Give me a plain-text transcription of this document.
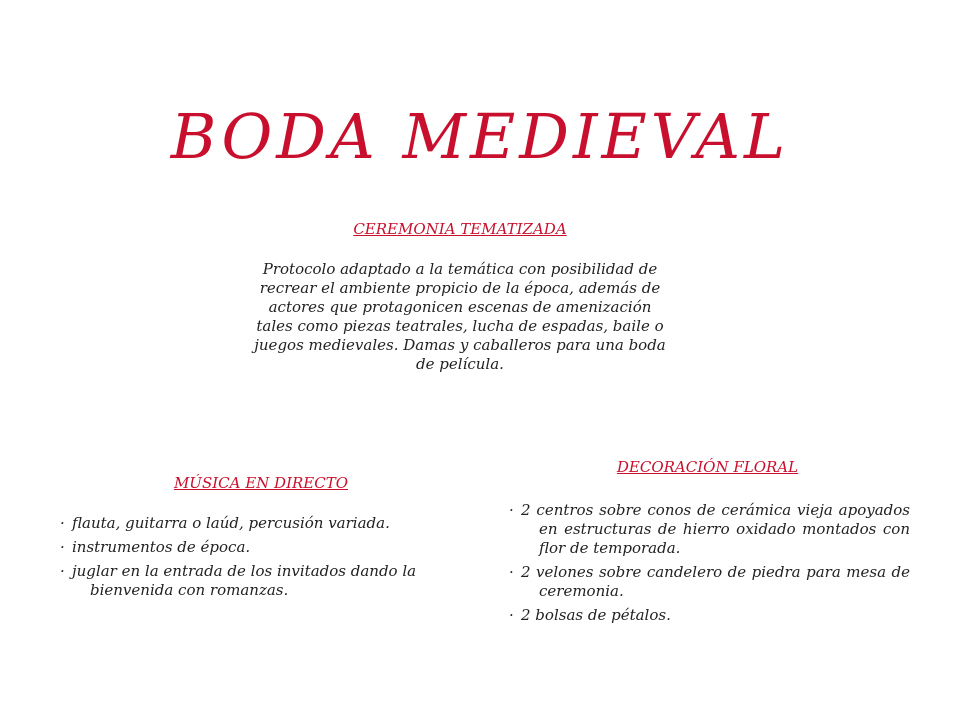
BODA MEDIEVAL
CEREMONIA TEMATIZADA

Protocolo adaptado a la temática con posibilidad de recrear el ambiente propicio de la época, además de actores que protagonicen escenas de amenización tales como piezas teatrales, lucha de espadas, baile o juegos medievales. Damas y caballeros para una boda de película.

MÚSICA EN DIRECTO
· flauta, guitarra o laúd, percusión variada.
· instrumentos de época.
· juglar en la entrada de los invitados dando la bienvenida con romanzas.
DECORACIÓN FLORAL
· 2 centros sobre conos de cerámica vieja apoyados en estructuras de hierro oxidado montados con flor de temporada.
· 2 velones sobre candelero de piedra para mesa de ceremonia.
· 2 bolsas de pétalos.
